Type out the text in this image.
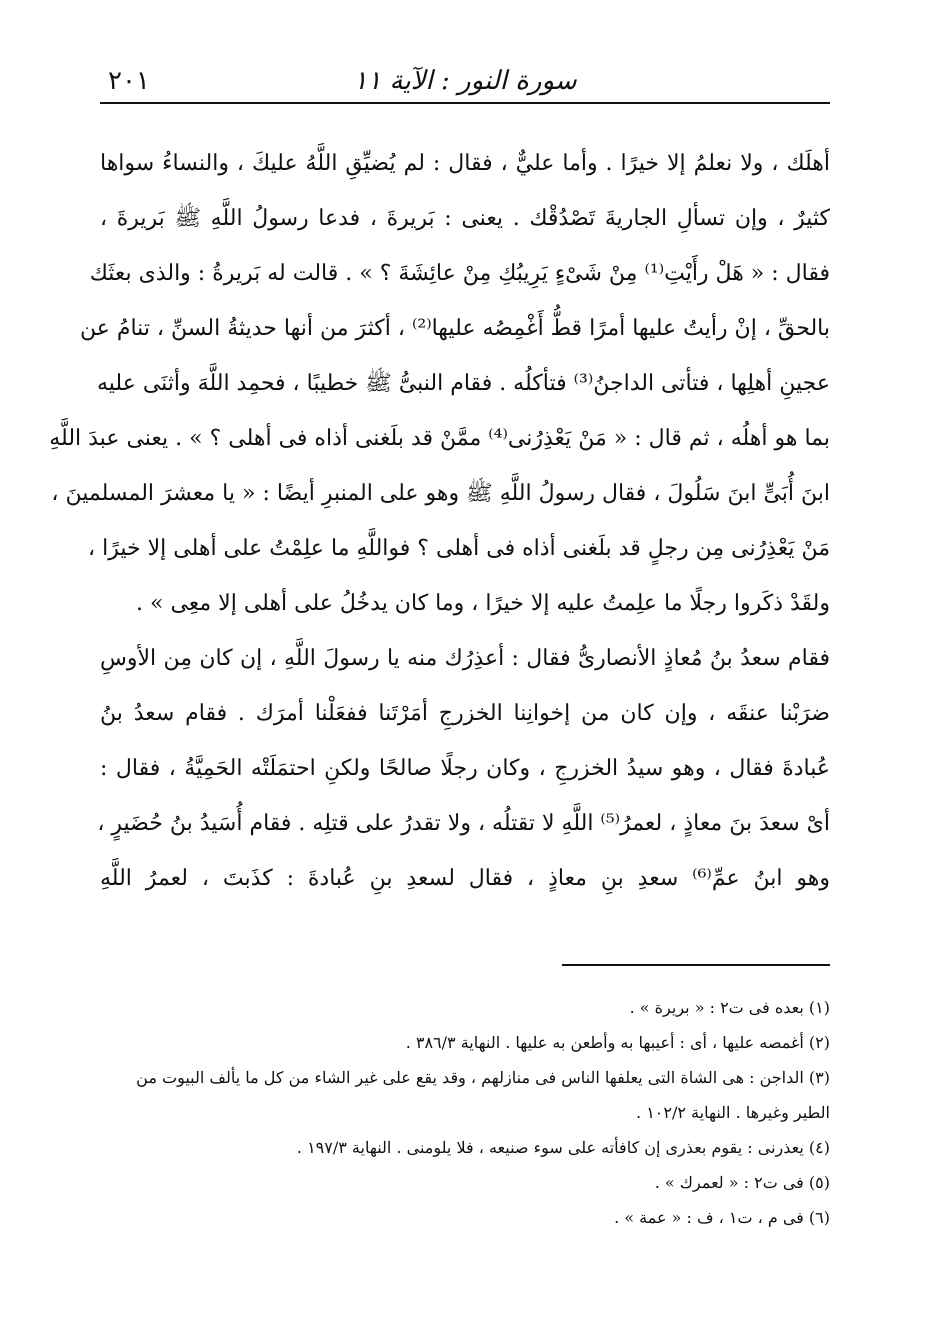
سورة النور : الآية ١١
٢٠١
أهلَك ، ولا نعلمُ إلا خيرًا . وأما عليٌّ ، فقال : لم يُضيِّقِ اللَّهُ عليكَ ، والنساءُ سواها
كثيرٌ ، وإن تسألِ الجاريةَ تَصْدُقْك . يعنى : بَريرةَ ، فدعا رسولُ اللَّهِ ﷺ بَريرةَ ،
فقال : « هَلْ رأَيْتِ⁽¹⁾ مِنْ شَىْءٍ يَرِيبُكِ مِنْ عائِشَةَ ؟ » . قالت له بَريرةُ : والذى بعثَك
بالحقِّ ، إنْ رأيتُ عليها أمرًا قطُّ أَغْمِصُه عليها⁽²⁾ ، أكثرَ من أنها حديثةُ السنِّ ، تنامُ عن
عجينِ أهلِها ، فتأتى الداجنُ⁽³⁾ فتأكلُه . فقام النبىُّ ﷺ خطيبًا ، فحمِد اللَّهَ وأثنَى عليه
بما هو أهلُه ، ثم قال : « مَنْ يَعْذِرُنى⁽⁴⁾ ممَّنْ قد بلَغنى أذاه فى أهلى ؟ » . يعنى عبدَ اللَّهِ
ابنَ أُبَىٍّ ابنَ سَلُولَ ، فقال رسولُ اللَّهِ ﷺ وهو على المنبرِ أيضًا : « يا معشرَ المسلمينَ ،
مَنْ يَعْذِرُنى مِن رجلٍ قد بلَغنى أذاه فى أهلى ؟ فواللَّهِ ما علِمْتُ على أهلى إلا خيرًا ،
ولقَدْ ذكَروا رجلًا ما علِمتُ عليه إلا خيرًا ، وما كان يدخُلُ على أهلى إلا معِى » .
فقام سعدُ بنُ مُعاذٍ الأنصارىُّ فقال : أعذِرُك منه يا رسولَ اللَّهِ ، إن كان مِن الأوسِ
ضرَبْنا عنقَه ، وإن كان من إخوانِنا الخزرجِ أمَرْتَنا ففعَلْنا أمرَك . فقام سعدُ بنُ
عُبادةَ فقال ، وهو سيدُ الخزرجِ ، وكان رجلًا صالحًا ولكنِ احتمَلَتْه الحَمِيَّةُ ، فقال :
أىْ سعدَ بنَ معاذٍ ، لعمرُ⁽⁵⁾ اللَّهِ لا تقتلُه ، ولا تقدرُ على قتلِه . فقام أُسَيدُ بنُ حُضَيرٍ ،
وهو ابنُ عمِّ⁽⁶⁾ سعدِ بنِ معاذٍ ، فقال لسعدِ بنِ عُبادةَ : كذَبتَ ، لعمرُ اللَّهِ
(١) بعده فى ت٢ : « بريرة » .
(٢) أغمصه عليها ، أى : أعيبها به وأطعن به عليها . النهاية ٣٨٦/٣ .
(٣) الداجن : هى الشاة التى يعلفها الناس فى منازلهم ، وقد يقع على غير الشاء من كل ما يألف البيوت من
الطير وغيرها . النهاية ١٠٢/٢ .
(٤) يعذرنى : يقوم بعذرى إن كافأته على سوء صنيعه ، فلا يلومنى . النهاية ١٩٧/٣ .
(٥) فى ت٢ : « لعمرك » .
(٦) فى م ، ت١ ، ف : « عمة » .
